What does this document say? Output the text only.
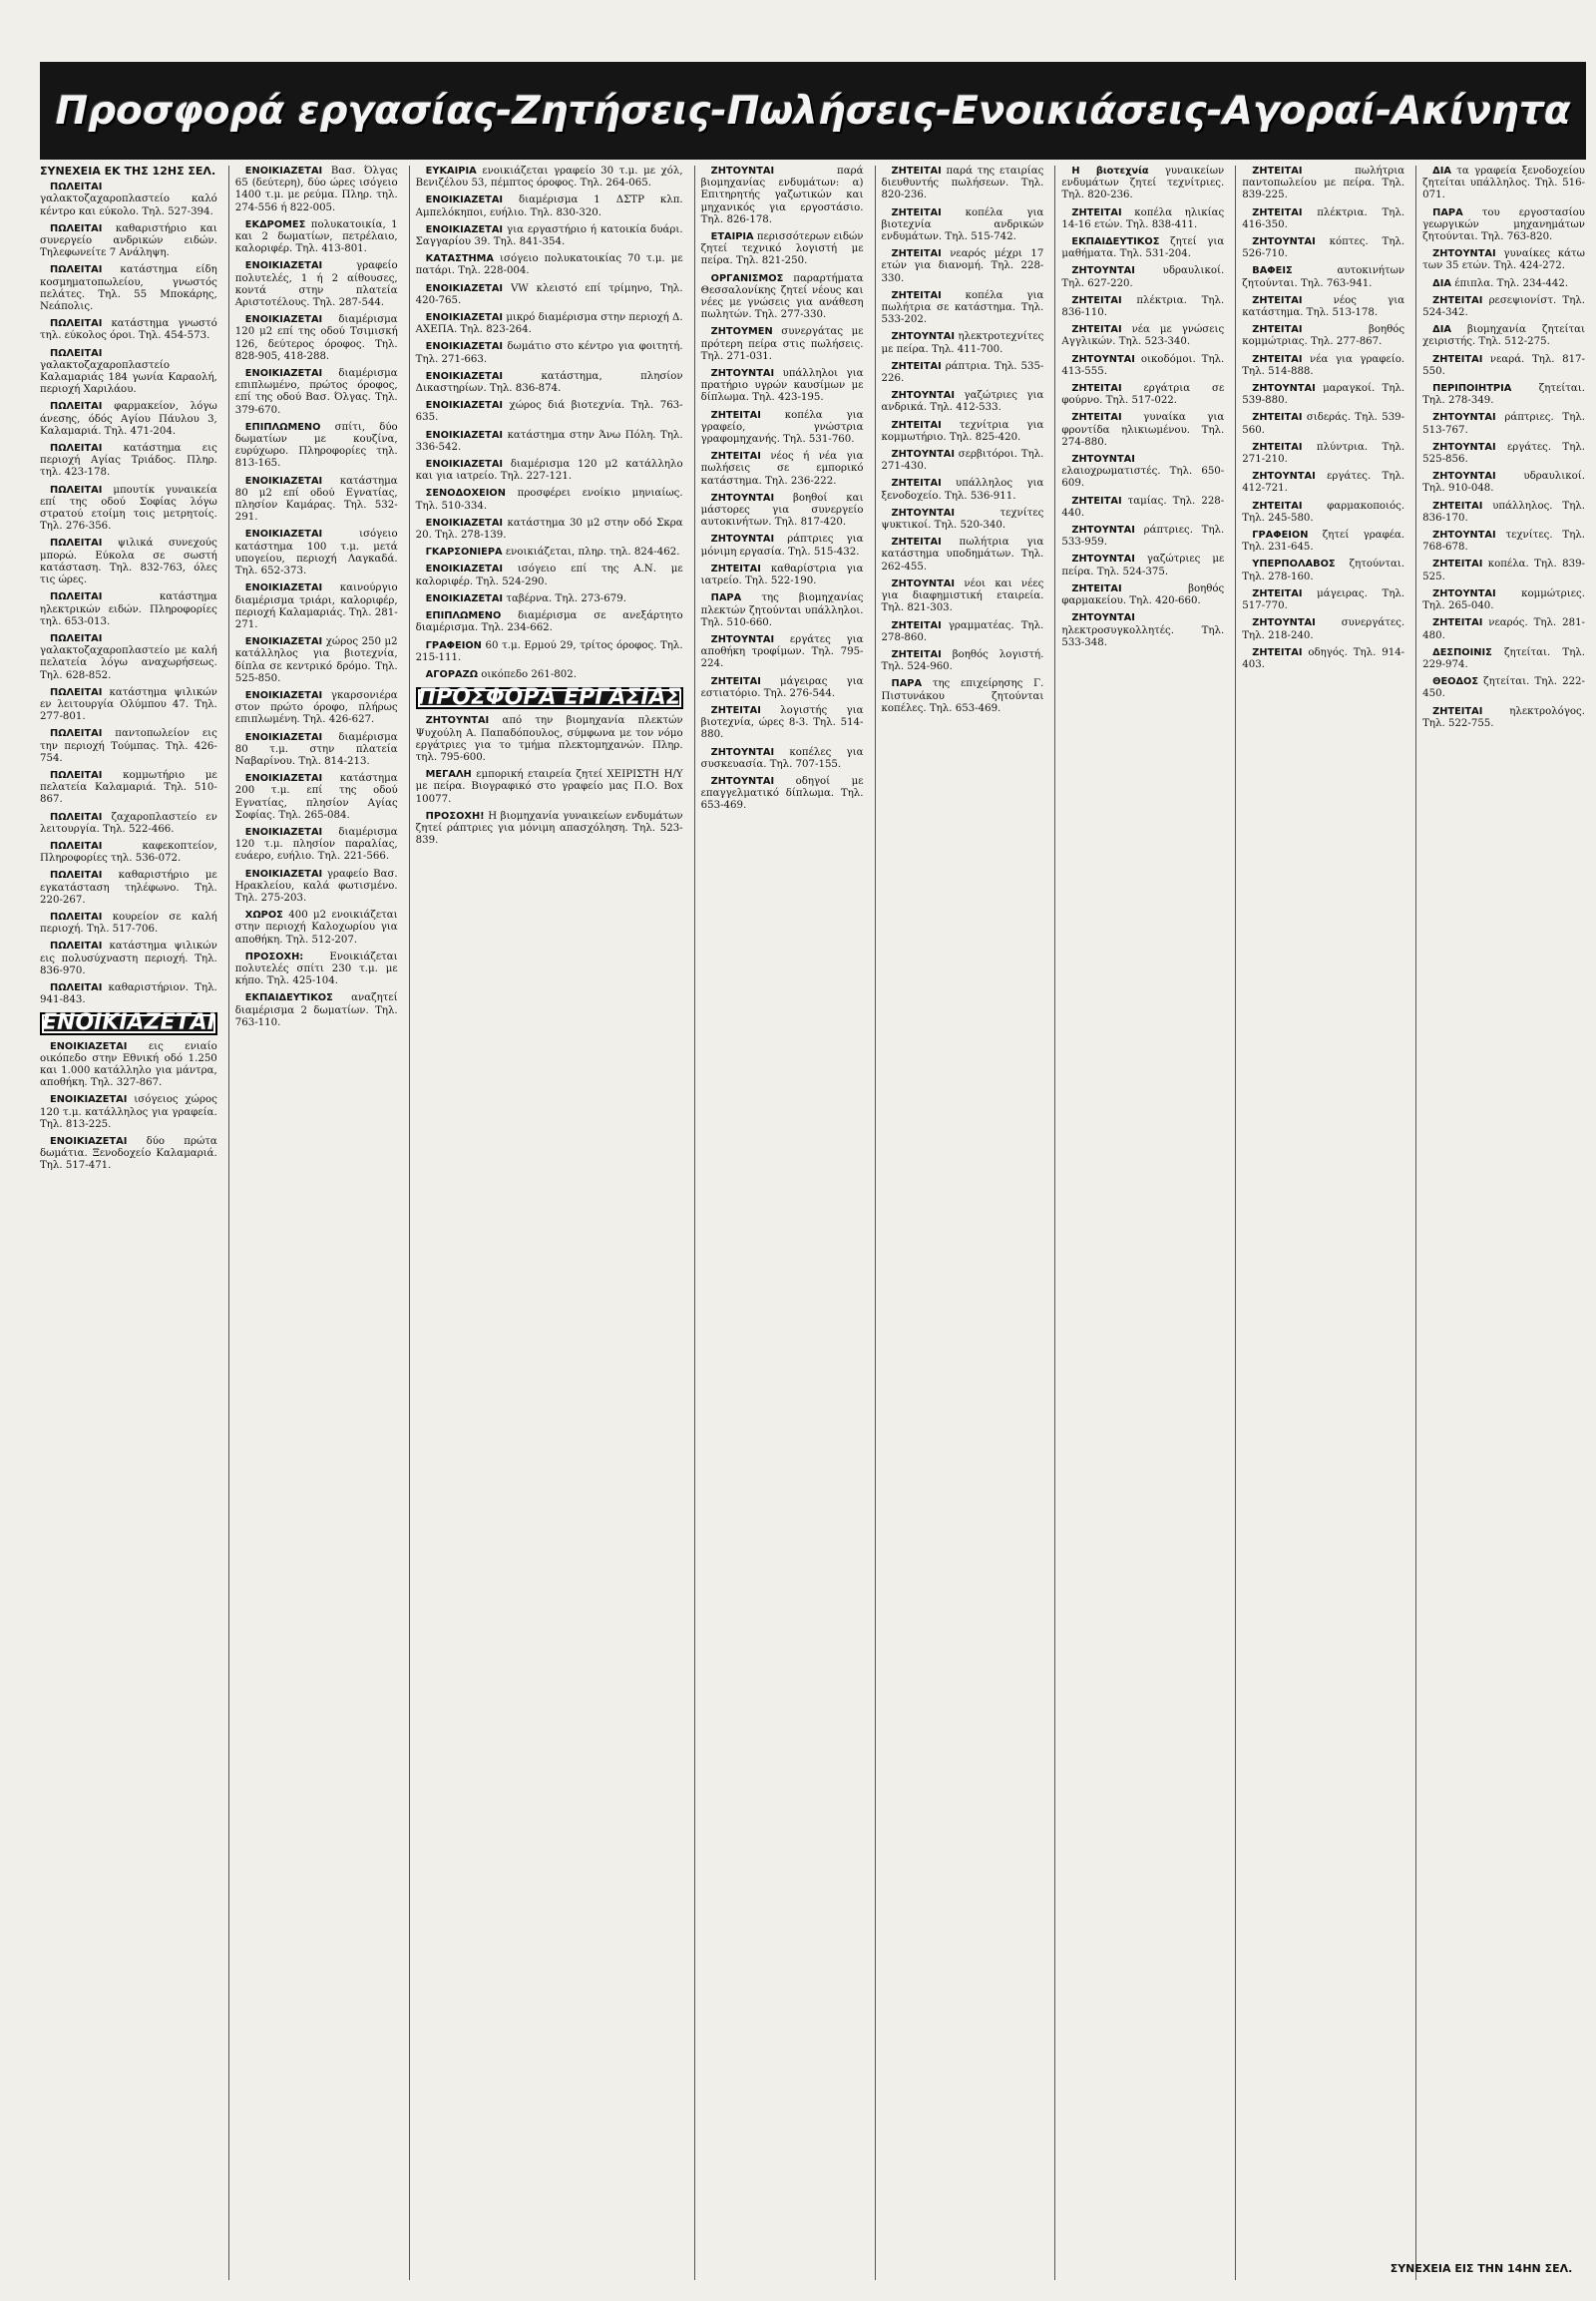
Προσφορά εργασίας-Ζητήσεις-Πωλήσεις-Ενοικιάσεις-Αγοραί-Ακίνητα
ΣΥΝΕΧΕΙΑ ΕΚ ΤΗΣ 12ΗΣ ΣΕΛ.
ΠΩΛΕΙΤΑΙ γαλακτοζαχαροπλαστείο καλό κέντρο και εύκολο. Τηλ. 527-394.
ΠΩΛΕΙΤΑΙ καθαριστήριο και συνεργείο ανδρικών ειδών. Τηλεφωνείτε 7 Ανάληψη.
ΠΩΛΕΙΤΑΙ κατάστημα είδη κοσμηματοπωλείου, γνωστός πελάτες. Τηλ. 55 Μποκάρης, Νεάπολις.
ΠΩΛΕΙΤΑΙ κατάστημα γνωστό τηλ. εύκολος όροι. Τηλ. 454-573.
ΠΩΛΕΙΤΑΙ γαλακτοζαχαροπλαστείο Καλαμαριάς 184 γωνία Καραολή, περιοχή Χαριλάου.
ΠΩΛΕΙΤΑΙ φαρμακείον, λόγω άνεσης, όδός Αγίου Πάυλου 3, Καλαμαριά. Τηλ. 471-204.
ΠΩΛΕΙΤΑΙ κατάστημα εις περιοχή Αγίας Τριάδος. Πληρ. τηλ. 423-178.
ΠΩΛΕΙΤΑΙ μπουτίκ γυναικεία επί της οδού Σοφίας λόγω στρατού ετοίμη τοις μετρητοίς. Τηλ. 276-356.
ΠΩΛΕΙΤΑΙ ψιλικά συνεχούς μπορώ. Εύκολα σε σωστή κατάσταση. Τηλ. 832-763, όλες τις ώρες.
ΠΩΛΕΙΤΑΙ	κατάστημα ηλεκτρικών ειδών. Πληροφορίες τηλ. 653-013.
ΠΩΛΕΙΤΑΙ γαλακτοζαχαροπλαστείο με καλή πελατεία λόγω αναχωρήσεως. Τηλ. 628-852.
ΠΩΛΕΙΤΑΙ κατάστημα ψιλικών εν λειτουργία Ολύμπου 47. Τηλ. 277-801.
ΠΩΛΕΙΤΑΙ παντοπωλείον εις την περιοχή Τούμπας. Τηλ. 426-754.
ΠΩΛΕΙΤΑΙ κομμωτήριο με πελατεία Καλαμαριά. Τηλ. 510-867.
ΠΩΛΕΙΤΑΙ ζαχαροπλαστείο εν λειτουργία. Τηλ. 522-466.
ΠΩΛΕΙΤΑΙ	καφεκοπτείον, Πληροφορίες τηλ. 536-072.
ΠΩΛΕΙΤΑΙ καθαριστήριο με εγκατάσταση τηλέφωνο. Τηλ. 220-267.
ΠΩΛΕΙΤΑΙ κουρείον σε καλή περιοχή. Τηλ. 517-706.
ΠΩΛΕΙΤΑΙ κατάστημα ψιλικών εις πολυσύχναστη περιοχή. Τηλ. 836-970.
ΠΩΛΕΙΤΑΙ καθαριστήριον. Τηλ. 941-843.
ΕΝΟΙΚΙΑΖΕΤΑΙ
ΕΝΟΙΚΙΑΖΕΤΑΙ εις ενιαίο οικόπεδο στην Εθνική οδό 1.250 και 1.000 κατάλληλο για μάντρα, αποθήκη. Τηλ. 327-867.
ΕΝΟΙΚΙΑΖΕΤΑΙ ισόγειος χώρος 120 τ.μ. κατάλληλος για γραφεία. Τηλ. 813-225.
ΕΝΟΙΚΙΑΖΕΤΑΙ δύο πρώτα δωμάτια. Ξενοδοχείο Καλαμαριά. Τηλ. 517-471.
ΕΝΟΙΚΙΑΖΕΤΑΙ Βασ. Όλγας 65 (δεύτερη), δύο ώρες ισόγειο 1400 τ.μ. με ρεύμα. Πληρ. τηλ. 274-556 ή 822-005.
ΕΚΔΡΟΜΕΣ πολυκατοικία, 1 και 2 δωματίων, πετρέλαιο, καλοριφέρ. Τηλ. 413-801.
ΕΝΟΙΚΙΑΖΕΤΑΙ	γραφείο πολυτελές, 1 ή 2 αίθουσες, κοντά στην πλατεία Αριστοτέλους. Τηλ. 287-544.
ΕΝΟΙΚΙΑΖΕΤΑΙ διαμέρισμα 120 μ2 επί της οδού Τσιμισκή 126, δεύτερος όροφος. Τηλ. 828-905, 418-288.
ΕΝΟΙΚΙΑΖΕΤΑΙ διαμέρισμα επιπλωμένο, πρώτος όροφος, επί της οδού Βασ. Όλγας. Τηλ. 379-670.
ΕΠΙΠΛΩΜΕΝΟ σπίτι, δύο δωματίων με κουζίνα, ευρύχωρο. Πληροφορίες τηλ. 813-165.
ΕΝΟΙΚΙΑΖΕΤΑΙ κατάστημα 80 μ2 επί οδού Εγνατίας, πλησίον Καμάρας. Τηλ. 532-291.
ΕΝΟΙΚΙΑΖΕΤΑΙ	ισόγειο κατάστημα 100 τ.μ. μετά υπογείου, περιοχή Λαγκαδά. Τηλ. 652-373.
ΕΝΟΙΚΙΑΖΕΤΑΙ καινούργιο διαμέρισμα τριάρι, καλοριφέρ, περιοχή Καλαμαριάς. Τηλ. 281-271.
ΕΝΟΙΚΙΑΖΕΤΑΙ χώρος 250 μ2 κατάλληλος για βιοτεχνία, δίπλα σε κεντρικό δρόμο. Τηλ. 525-850.
ΕΝΟΙΚΙΑΖΕΤΑΙ γκαρσονιέρα στον πρώτο όροφο, πλήρως επιπλωμένη. Τηλ. 426-627.
ΕΝΟΙΚΙΑΖΕΤΑΙ διαμέρισμα 80 τ.μ. στην πλατεία Ναβαρίνου. Τηλ. 814-213.
ΕΝΟΙΚΙΑΖΕΤΑΙ κατάστημα 200 τ.μ. επί της οδού Εγνατίας, πλησίον Αγίας Σοφίας. Τηλ. 265-084.
ΕΝΟΙΚΙΑΖΕΤΑΙ διαμέρισμα 120 τ.μ. πλησίον παραλίας, ευάερο, ευήλιο. Τηλ. 221-566.
ΕΝΟΙΚΙΑΖΕΤΑΙ γραφείο Βασ. Ηρακλείου, καλά φωτισμένο. Τηλ. 275-203.
ΧΩΡΟΣ 400 μ2 ενοικιάζεται στην περιοχή Καλοχωρίου για αποθήκη. Τηλ. 512-207.
ΠΡΟΣΟΧΗ:	Ενοικιάζεται πολυτελές σπίτι 230 τ.μ. με κήπο. Τηλ. 425-104.
ΕΚΠΑΙΔΕΥΤΙΚΟΣ αναζητεί διαμέρισμα 2 δωματίων. Τηλ. 763-110.
ΕΥΚΑΙΡΙΑ ενοικιάζεται γραφείο 30 τ.μ. με χόλ, Βενιζέλου 53, πέμπτος όροφος. Τηλ. 264-065.
ΕΝΟΙΚΙΑΖΕΤΑΙ διαμέρισμα 1 ΔΣΤΡ κλπ. Αμπελόκηποι, ευήλιο. Τηλ. 830-320.
ΕΝΟΙΚΙΑΖΕΤΑΙ για εργαστήριο ή κατοικία δυάρι. Σαγγαρίου 39. Τηλ. 841-354.
ΚΑΤΑΣΤΗΜΑ ισόγειο πολυκατοικίας 70 τ.μ. με πατάρι. Τηλ. 228-004.
ΕΝΟΙΚΙΑΖΕΤΑΙ VW κλειστό επί τρίμηνο, Τηλ. 420-765.
ΕΝΟΙΚΙΑΖΕΤΑΙ μικρό διαμέρισμα στην περιοχή Δ. ΑΧΕΠΑ. Τηλ. 823-264.
ΕΝΟΙΚΙΑΖΕΤΑΙ δωμάτιο στο κέντρο για φοιτητή. Τηλ. 271-663.
ΕΝΟΙΚΙΑΖΕΤΑΙ	κατάστημα, πλησίον Δικαστηρίων. Τηλ. 836-874.
ΕΝΟΙΚΙΑΖΕΤΑΙ χώρος διά βιοτεχνία. Τηλ. 763-635.
ΕΝΟΙΚΙΑΖΕΤΑΙ κατάστημα στην Άνω Πόλη. Τηλ. 336-542.
ΕΝΟΙΚΙΑΖΕΤΑΙ διαμέρισμα 120 μ2 κατάλληλο και για ιατρείο. Τηλ. 227-121.
ΣΕΝΟΔΟΧΕΙΟΝ προσφέρει ενοίκιο μηνιαίως. Τηλ. 510-334.
ΕΝΟΙΚΙΑΖΕΤΑΙ κατάστημα 30 μ2 στην οδό Σκρα 20. Τηλ. 278-139.
ΓΚΑΡΣΟΝΙΕΡΑ ενοικιάζεται, πληρ. τηλ. 824-462.
ΕΝΟΙΚΙΑΖΕΤΑΙ ισόγειο επί της Α.Ν. με καλοριφέρ. Τηλ. 524-290.
ΕΝΟΙΚΙΑΖΕΤΑΙ ταβέρνα. Τηλ. 273-679.
ΕΠΙΠΛΩΜΕΝΟ διαμέρισμα σε ανεξάρτητο διαμέρισμα. Τηλ. 234-662.
ΓΡΑΦΕΙΟΝ 60 τ.μ. Ερμού 29, τρίτος όροφος. Τηλ. 215-111.
ΑΓΟΡΑΖΩ οικόπεδο 261-802.
ΠΡΟΣΦΟΡΑ ΕΡΓΑΣΙΑΣ
ΖΗΤΟΥΝΤΑΙ από την βιομηχανία πλεκτών Ψυχούλη Α. Παπαδόπουλος, σύμφωνα με τον νόμο εργάτριες για το τμήμα πλεκτομηχανών. Πληρ. τηλ. 795-600.
ΜΕΓΑΛΗ εμπορική εταιρεία ζητεί ΧΕΙΡΙΣΤΗ Η/Υ με πείρα. Βιογραφικό στο γραφείο μας Π.Ο. Box 10077.
ΠΡΟΣΟΧΗ! Η βιομηχανία γυναικείων ενδυμάτων ζητεί ράπτριες για μόνιμη απασχόληση. Τηλ. 523-839.
ΖΗΤΟΥΝΤΑΙ	παρά βιομηχανίας ενδυμάτων: α) Επιτηρητής γαζωτικών και μηχανικός για εργοστάσιο. Τηλ. 826-178.
ΕΤΑΙΡΙΑ περισσότερων ειδών ζητεί τεχνικό λογιστή με πείρα. Τηλ. 821-250.
ΟΡΓΑΝΙΣΜΟΣ παραρτήματα Θεσσαλονίκης ζητεί νέους και νέες με γνώσεις για ανάθεση πωλητών. Τηλ. 277-330.
ΖΗΤΟΥΜΕΝ συνεργάτας με πρότερη πείρα στις πωλήσεις. Τηλ. 271-031.
ΖΗΤΟΥΝΤΑΙ υπάλληλοι για πρατήριο υγρών καυσίμων με δίπλωμα. Τηλ. 423-195.
ΖΗΤΕΙΤΑΙ κοπέλα για γραφείο, γνώστρια γραφομηχανής. Τηλ. 531-760.
ΖΗΤΕΙΤΑΙ νέος ή νέα για πωλήσεις σε εμπορικό κατάστημα. Τηλ. 236-222.
ΖΗΤΟΥΝΤΑΙ βοηθοί και μάστορες για συνεργείο αυτοκινήτων. Τηλ. 817-420.
ΖΗΤΟΥΝΤΑΙ ράπτριες για μόνιμη εργασία. Τηλ. 515-432.
ΖΗΤΕΙΤΑΙ καθαρίστρια για ιατρείο. Τηλ. 522-190.
ΠΑΡΑ της βιομηχανίας πλεκτών ζητούνται υπάλληλοι. Τηλ. 510-660.
ΖΗΤΟΥΝΤΑΙ εργάτες για αποθήκη τροφίμων. Τηλ. 795-224.
ΖΗΤΕΙΤΑΙ μάγειρας για εστιατόριο. Τηλ. 276-544.
ΖΗΤΕΙΤΑΙ λογιστής για βιοτεχνία, ώρες 8-3. Τηλ. 514-880.
ΖΗΤΟΥΝΤΑΙ κοπέλες για συσκευασία. Τηλ. 707-155.
ΖΗΤΟΥΝΤΑΙ οδηγοί με επαγγελματικό δίπλωμα. Τηλ. 653-469.
ΖΗΤΕΙΤΑΙ παρά της εταιρίας διευθυντής πωλήσεων. Τηλ. 820-236.
ΖΗΤΕΙΤΑΙ κοπέλα για βιοτεχνία ανδρικών ενδυμάτων. Τηλ. 515-742.
ΖΗΤΕΙΤΑΙ νεαρός μέχρι 17 ετών για διανομή. Τηλ. 228-330.
ΖΗΤΕΙΤΑΙ κοπέλα για πωλήτρια σε κατάστημα. Τηλ. 533-202.
ΖΗΤΟΥΝΤΑΙ ηλεκτροτεχνίτες με πείρα. Τηλ. 411-700.
ΖΗΤΕΙΤΑΙ ράπτρια. Τηλ. 535-226.
ΖΗΤΟΥΝΤΑΙ γαζώτριες για ανδρικά. Τηλ. 412-533.
ΖΗΤΕΙΤΑΙ τεχνίτρια για κομμωτήριο. Τηλ. 825-420.
ΖΗΤΟΥΝΤΑΙ σερβιτόροι. Τηλ. 271-430.
ΖΗΤΕΙΤΑΙ υπάλληλος για ξενοδοχείο. Τηλ. 536-911.
ΖΗΤΟΥΝΤΑΙ	τεχνίτες ψυκτικοί. Τηλ. 520-340.
ΖΗΤΕΙΤΑΙ πωλήτρια για κατάστημα υποδημάτων. Τηλ. 262-455.
ΖΗΤΟΥΝΤΑΙ νέοι και νέες για διαφημιστική εταιρεία. Τηλ. 821-303.
ΖΗΤΕΙΤΑΙ γραμματέας. Τηλ. 278-860.
ΖΗΤΕΙΤΑΙ βοηθός λογιστή. Τηλ. 524-960.
ΠΑΡΑ της επιχείρησης Γ. Πιστυνάκου ζητούνται κοπέλες. Τηλ. 653-469.
Η βιοτεχνία γυναικείων ενδυμάτων ζητεί τεχνίτριες. Τηλ. 820-236.
ΖΗΤΕΙΤΑΙ κοπέλα ηλικίας 14-16 ετών. Τηλ. 838-411.
ΕΚΠΑΙΔΕΥΤΙΚΟΣ ζητεί για μαθήματα. Τηλ. 531-204.
ΖΗΤΟΥΝΤΑΙ	υδραυλικοί. Τηλ. 627-220.
ΖΗΤΕΙΤΑΙ πλέκτρια. Τηλ. 836-110.
ΖΗΤΕΙΤΑΙ νέα με γνώσεις Αγγλικών. Τηλ. 523-340.
ΖΗΤΟΥΝΤΑΙ οικοδόμοι. Τηλ. 413-555.
ΖΗΤΕΙΤΑΙ εργάτρια σε φούρνο. Τηλ. 517-022.
ΖΗΤΕΙΤΑΙ γυναίκα για φροντίδα ηλικιωμένου. Τηλ. 274-880.
ΖΗΤΟΥΝΤΑΙ ελαιοχρωματιστές. Τηλ. 650-609.
ΖΗΤΕΙΤΑΙ ταμίας. Τηλ. 228-440.
ΖΗΤΟΥΝΤΑΙ ράπτριες. Τηλ. 533-959.
ΖΗΤΟΥΝΤΑΙ γαζώτριες με πείρα. Τηλ. 524-375.
ΖΗΤΕΙΤΑΙ	βοηθός φαρμακείου. Τηλ. 420-660.
ΖΗΤΟΥΝΤΑΙ ηλεκτροσυγκολλητές. Τηλ. 533-348.
ΖΗΤΕΙΤΑΙ	πωλήτρια παντοπωλείου με πείρα. Τηλ. 839-225.
ΖΗΤΕΙΤΑΙ πλέκτρια. Τηλ. 416-350.
ΖΗΤΟΥΝΤΑΙ κόπτες. Τηλ. 526-710.
ΒΑΦΕΙΣ	αυτοκινήτων ζητούνται. Τηλ. 763-941.
ΖΗΤΕΙΤΑΙ	νέος για κατάστημα. Τηλ. 513-178.
ΖΗΤΕΙΤΑΙ	βοηθός κομμώτριας. Τηλ. 277-867.
ΖΗΤΕΙΤΑΙ νέα για γραφείο. Τηλ. 514-888.
ΖΗΤΟΥΝΤΑΙ μαραγκοί. Τηλ. 539-880.
ΖΗΤΕΙΤΑΙ σιδεράς. Τηλ. 539-560.
ΖΗΤΕΙΤΑΙ πλύντρια. Τηλ. 271-210.
ΖΗΤΟΥΝΤΑΙ εργάτες. Τηλ. 412-721.
ΖΗΤΕΙΤΑΙ φαρμακοποιός. Τηλ. 245-580.
ΓΡΑΦΕΙΟΝ ζητεί γραφέα. Τηλ. 231-645.
ΥΠΕΡΠΟΛΑΒΟΣ ζητούνται. Τηλ. 278-160.
ΖΗΤΕΙΤΑΙ μάγειρας. Τηλ. 517-770.
ΖΗΤΟΥΝΤΑΙ	συνεργάτες. Τηλ. 218-240.
ΖΗΤΕΙΤΑΙ οδηγός. Τηλ. 914-403.
ΔΙΑ τα γραφεία ξενοδοχείου ζητείται υπάλληλος. Τηλ. 516-071.
ΠΑΡΑ του εργοστασίου γεωργικών μηχανημάτων ζητούνται. Τηλ. 763-820.
ΖΗΤΟΥΝΤΑΙ γυναίκες κάτω των 35 ετών. Τηλ. 424-272.
ΔΙΑ έπιπλα. Τηλ. 234-442.
ΖΗΤΕΙΤΑΙ ρεσεψιονίστ. Τηλ. 524-342.
ΔΙΑ βιομηχανία ζητείται χειριστής. Τηλ. 512-275.
ΖΗΤΕΙΤΑΙ νεαρά. Τηλ. 817-550.
ΠΕΡΙΠΟΙΗΤΡΙΑ	ζητείται. Τηλ. 278-349.
ΖΗΤΟΥΝΤΑΙ ράπτριες. Τηλ. 513-767.
ΖΗΤΟΥΝΤΑΙ εργάτες. Τηλ. 525-856.
ΖΗΤΟΥΝΤΑΙ	υδραυλικοί. Τηλ. 910-048.
ΖΗΤΕΙΤΑΙ υπάλληλος. Τηλ. 836-170.
ΖΗΤΟΥΝΤΑΙ τεχνίτες. Τηλ. 768-678.
ΖΗΤΕΙΤΑΙ κοπέλα. Τηλ. 839-525.
ΖΗΤΟΥΝΤΑΙ κομμώτριες. Τηλ. 265-040.
ΖΗΤΕΙΤΑΙ νεαρός. Τηλ. 281-480.
ΔΕΣΠΟΙΝΙΣ ζητείται. Τηλ. 229-974.
ΘΕΟΔΟΣ ζητείται. Τηλ. 222-450.
ΖΗΤΕΙΤΑΙ	ηλεκτρολόγος. Τηλ. 522-755.
ΣΥΝΕΧΕΙΑ ΕΙΣ ΤΗΝ 14ΗΝ ΣΕΛ.
